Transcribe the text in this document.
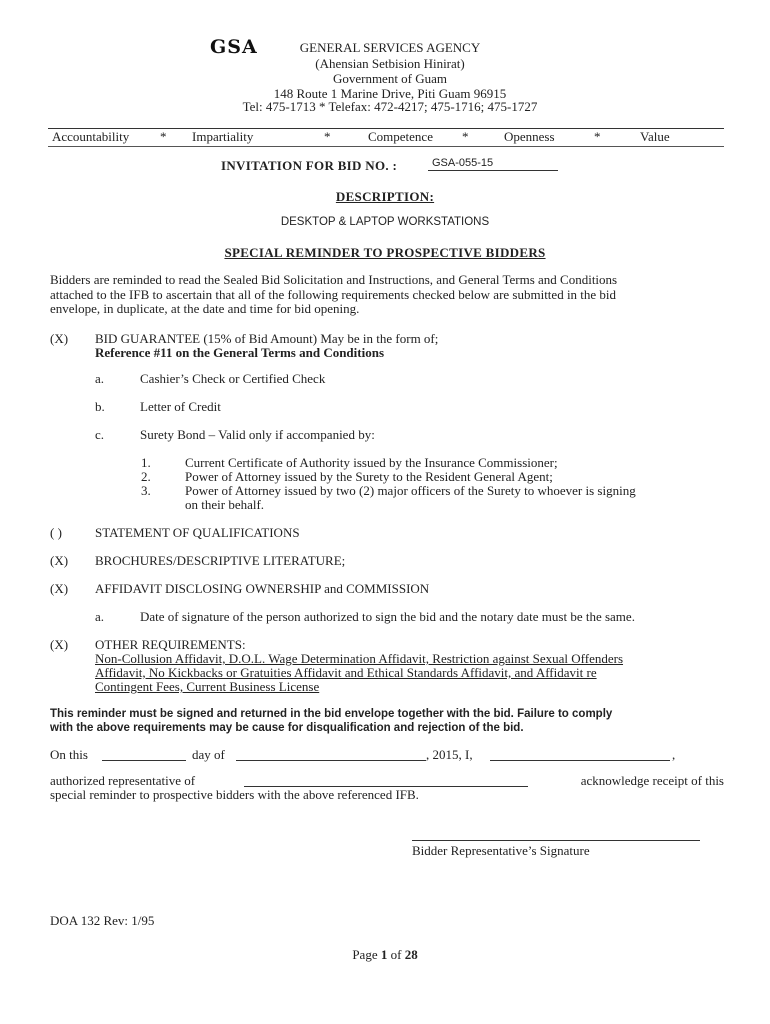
GSA	GENERAL SERVICES AGENCY
(Ahensian Setbision Hinirat)
Government of Guam
148 Route 1 Marine Drive, Piti Guam 96915
Tel: 475-1713 * Telefax: 472-4217; 475-1716; 475-1727
Accountability * Impartiality	*	Competence *	Openness	*	Value
INVITATION FOR BID NO. :	GSA-055-15
DESCRIPTION:
DESKTOP & LAPTOP WORKSTATIONS
SPECIAL REMINDER TO PROSPECTIVE BIDDERS
Bidders are reminded to read the Sealed Bid Solicitation and Instructions, and General Terms and Conditions
attached to the IFB to ascertain that all of the following requirements checked below are submitted in the bid
envelope, in duplicate, at the date and time for bid opening.
(X) BID GUARANTEE (15% of Bid Amount) May be in the form of;
Reference #11 on the General Terms and Conditions
a.	Cashier’s Check or Certified Check
b.	Letter of Credit
c.	Surety Bond – Valid only if accompanied by:
1.	Current Certificate of Authority issued by the Insurance Commissioner;
2.	Power of Attorney issued by the Surety to the Resident General Agent;
3.	Power of Attorney issued by two (2) major officers of the Surety to whoever is signing
on their behalf.
( )	STATEMENT OF QUALIFICATIONS
(X) BROCHURES/DESCRIPTIVE LITERATURE;
(X) AFFIDAVIT DISCLOSING OWNERSHIP and COMMISSION
a.	Date of signature of the person authorized to sign the bid and the notary date must be the same.
(X) OTHER REQUIREMENTS:
Non-Collusion Affidavit, D.O.L. Wage Determination Affidavit, Restriction against Sexual Offenders
Affidavit, No Kickbacks or Gratuities Affidavit and Ethical Standards Affidavit, and Affidavit re
Contingent Fees, Current Business License
This reminder must be signed and returned in the bid envelope together with the bid. Failure to comply
with the above requirements may be cause for disqualification and rejection of the bid.
On this	day of	, 2015, I,	,
authorized representative of	acknowledge receipt of this
special reminder to prospective bidders with the above referenced IFB.
Bidder Representative’s Signature
DOA 132 Rev: 1/95
Page 1 of 28
